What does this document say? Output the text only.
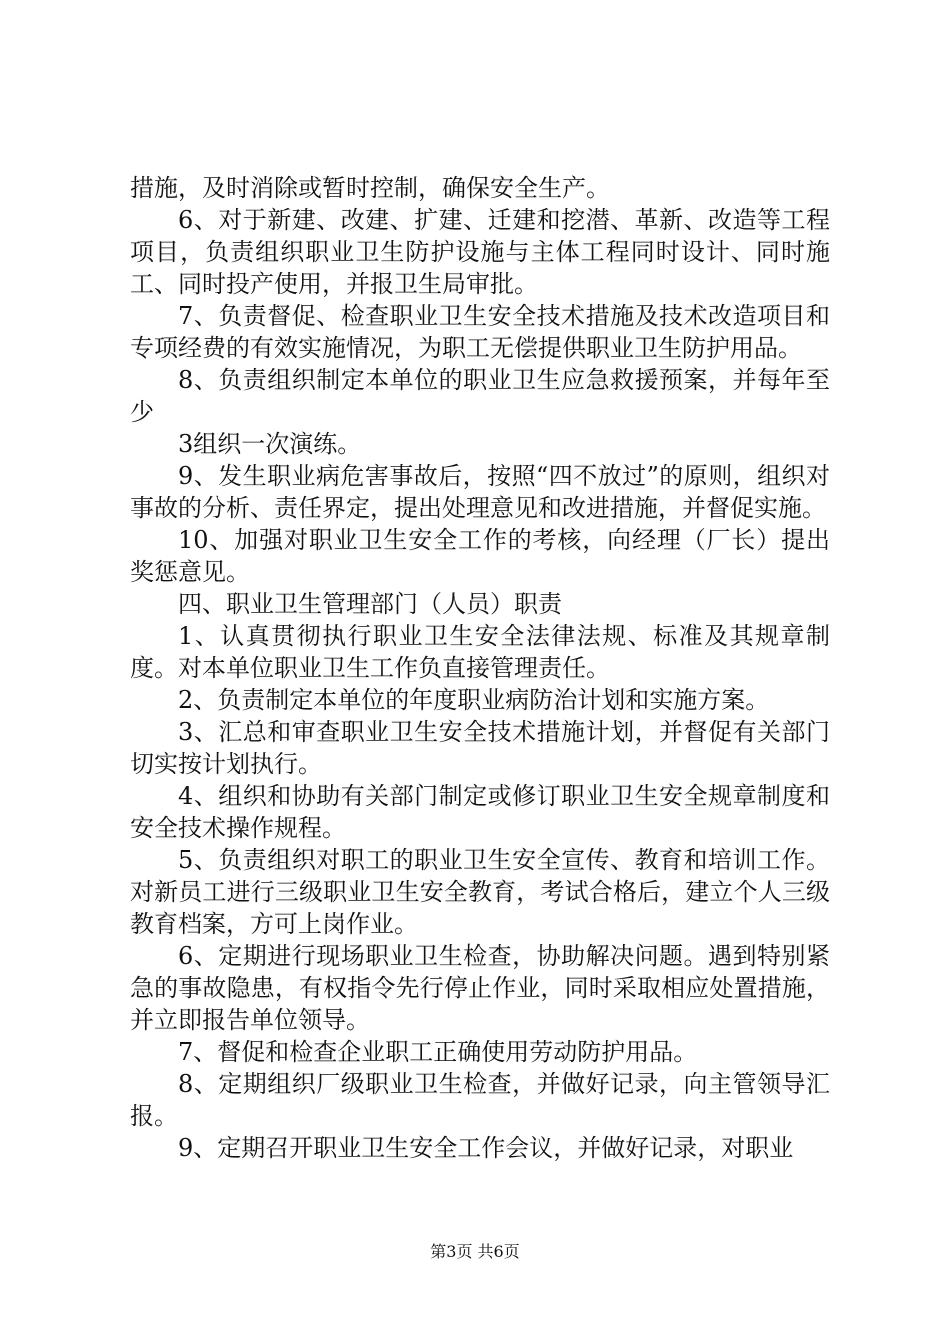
措施，及时消除或暂时控制，确保安全生产。

6、对于新建、改建、扩建、迁建和挖潜、革新、改造等工程项目，负责组织职业卫生防护设施与主体工程同时设计、同时施工、同时投产使用，并报卫生局审批。

7、负责督促、检查职业卫生安全技术措施及技术改造项目和专项经费的有效实施情况，为职工无偿提供职业卫生防护用品。

8、负责组织制定本单位的职业卫生应急救援预案，并每年至少

3组织一次演练。

9、发生职业病危害事故后，按照“四不放过”的原则，组织对事故的分析、责任界定，提出处理意见和改进措施，并督促实施。

10、加强对职业卫生安全工作的考核，向经理（厂长）提出奖惩意见。

四、职业卫生管理部门（人员）职责

1、认真贯彻执行职业卫生安全法律法规、标准及其规章制度。对本单位职业卫生工作负直接管理责任。

2、负责制定本单位的年度职业病防治计划和实施方案。

3、汇总和审查职业卫生安全技术措施计划，并督促有关部门切实按计划执行。

4、组织和协助有关部门制定或修订职业卫生安全规章制度和安全技术操作规程。

5、负责组织对职工的职业卫生安全宣传、教育和培训工作。对新员工进行三级职业卫生安全教育，考试合格后，建立个人三级教育档案，方可上岗作业。

6、定期进行现场职业卫生检查，协助解决问题。遇到特别紧急的事故隐患，有权指令先行停止作业，同时采取相应处置措施，并立即报告单位领导。

7、督促和检查企业职工正确使用劳动防护用品。

8、定期组织厂级职业卫生检查，并做好记录，向主管领导汇报。

9、定期召开职业卫生安全工作会议，并做好记录，对职业

第3页 共6页
